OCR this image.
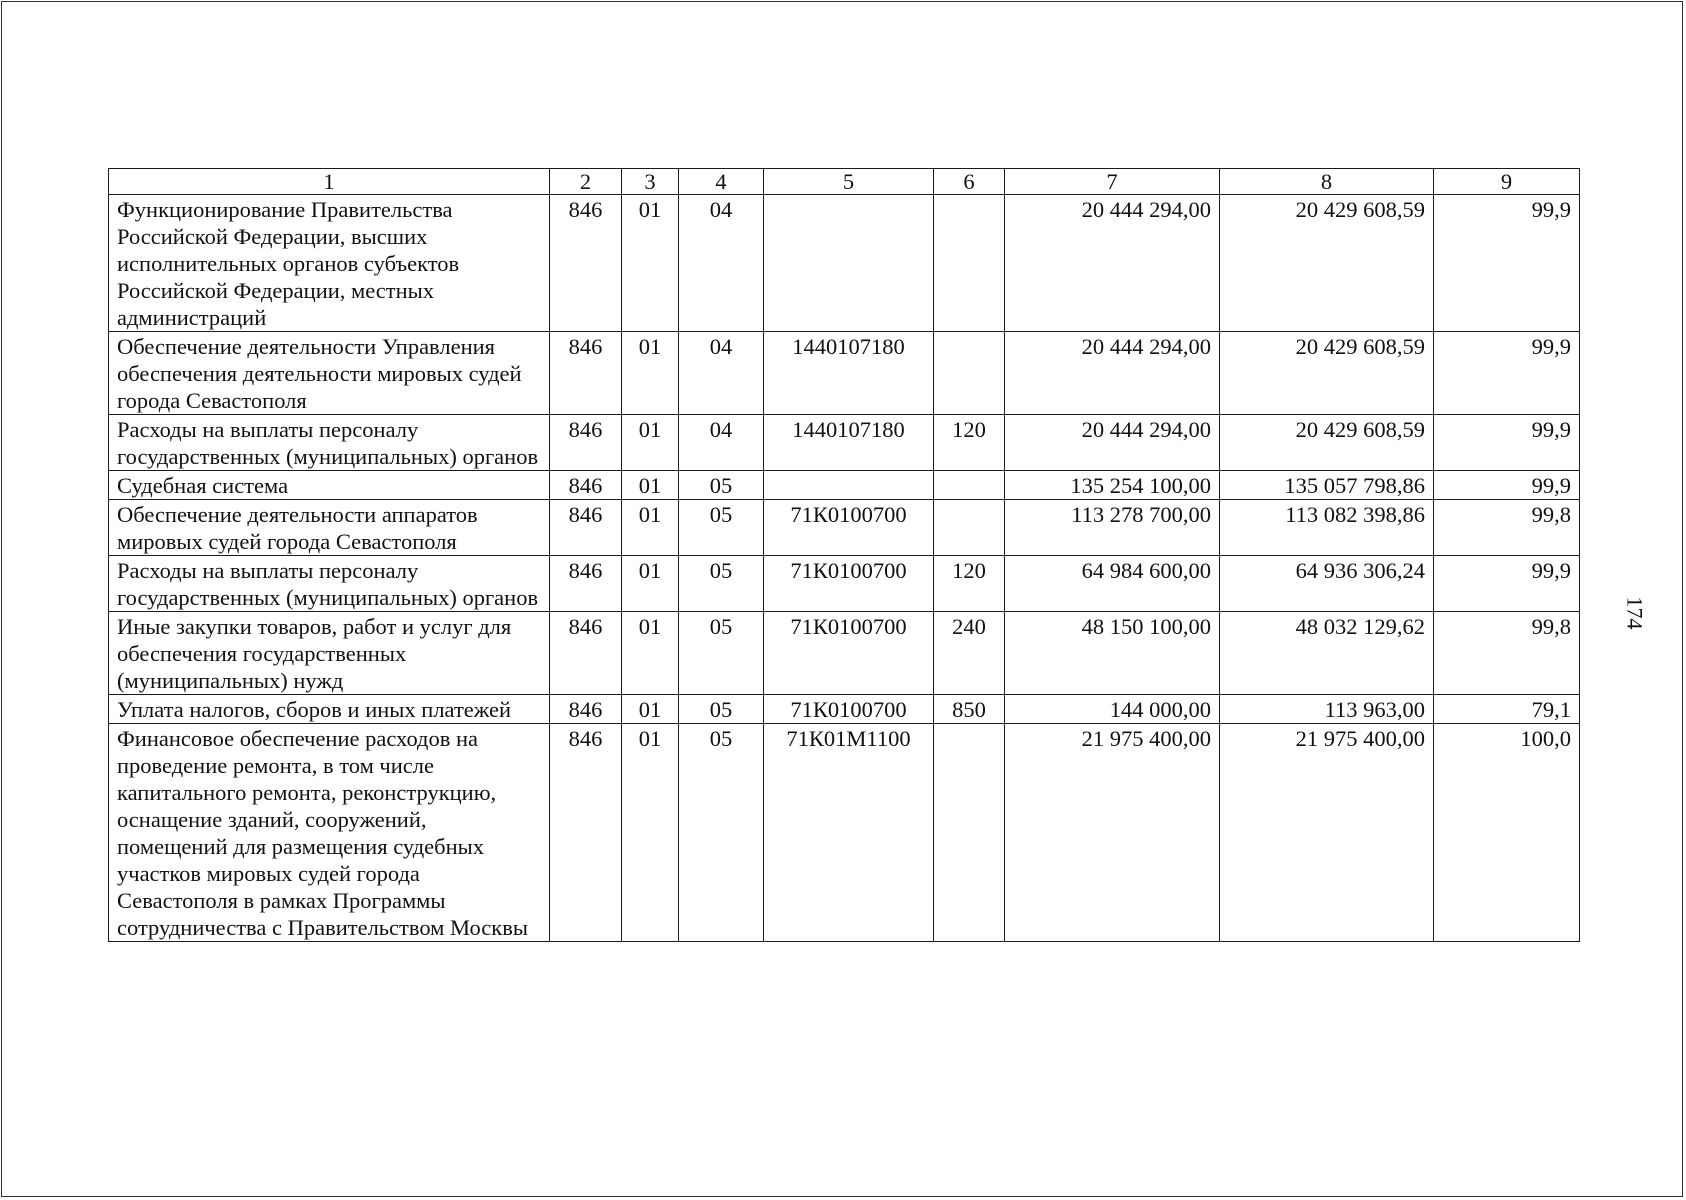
1	2	3	4	5	6	7	8	9
Функционирование Правительства Российской Федерации, высших исполнительных органов субъектов Российской Федерации, местных администраций	846	01	04			20 444 294,00	20 429 608,59	99,9
Обеспечение деятельности Управления обеспечения деятельности мировых судей города Севастополя	846	01	04	1440107180		20 444 294,00	20 429 608,59	99,9
Расходы на выплаты персоналу государственных (муниципальных) органов	846	01	04	1440107180	120	20 444 294,00	20 429 608,59	99,9
Судебная система	846	01	05			135 254 100,00	135 057 798,86	99,9
Обеспечение деятельности аппаратов мировых судей города Севастополя	846	01	05	71К0100700		113 278 700,00	113 082 398,86	99,8
Расходы на выплаты персоналу государственных (муниципальных) органов	846	01	05	71К0100700	120	64 984 600,00	64 936 306,24	99,9
Иные закупки товаров, работ и услуг для обеспечения государственных (муниципальных) нужд	846	01	05	71К0100700	240	48 150 100,00	48 032 129,62	99,8
Уплата налогов, сборов и иных платежей	846	01	05	71К0100700	850	144 000,00	113 963,00	79,1
Финансовое обеспечение расходов на проведение ремонта, в том числе капитального ремонта, реконструкцию, оснащение зданий, сооружений, помещений для размещения судебных участков мировых судей города Севастополя в рамках Программы сотрудничества с Правительством Москвы	846	01	05	71К01М1100		21 975 400,00	21 975 400,00	100,0
174
